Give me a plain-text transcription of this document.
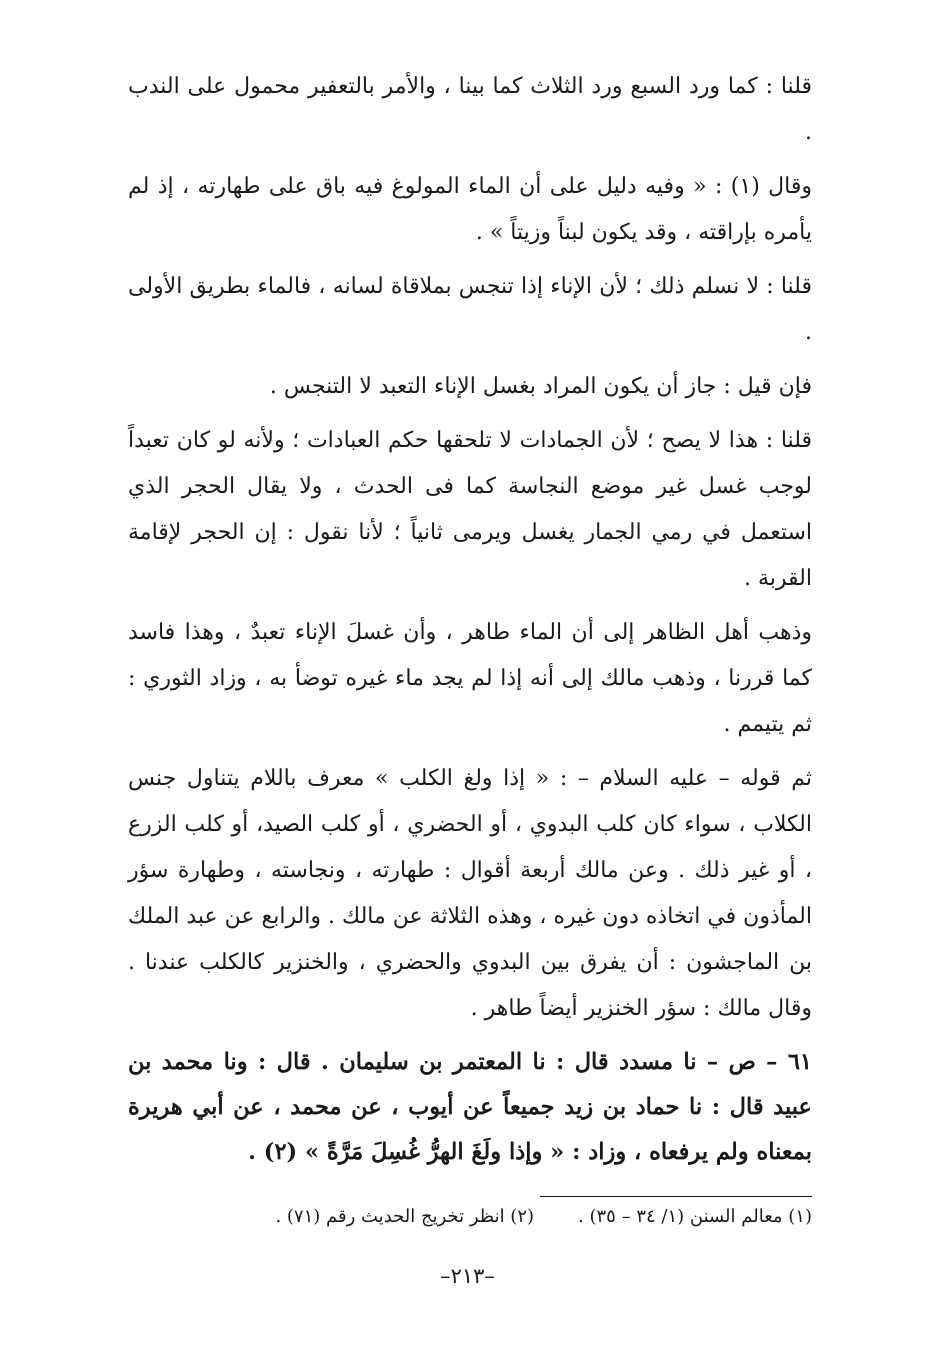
قلنا : كما ورد السبع ورد الثلاث كما بينا ، والأمر بالتعفير محمول على الندب .

وقال (١) : « وفيه دليل على أن الماء المولوغ فيه باق على طهارته ، إذ لم يأمره بإراقته ، وقد يكون لبناً وزيتاً » .

قلنا : لا نسلم ذلك ؛ لأن الإناء إذا تنجس بملاقاة لسانه ، فالماء بطريق الأولى .

فإن قيل : جاز أن يكون المراد بغسل الإناء التعبد لا التنجس .

قلنا : هذا لا يصح ؛ لأن الجمادات لا تلحقها حكم العبادات ؛ ولأنه لو كان تعبداً لوجب غسل غير موضع النجاسة كما فى الحدث ، ولا يقال الحجر الذي استعمل في رمي الجمار يغسل ويرمى ثانياً ؛ لأنا نقول : إن الحجر لإقامة القربة .

وذهب أهل الظاهر إلى أن الماء طاهر ، وأن غسلَ الإناء تعبدٌ ، وهذا فاسد كما قررنا ، وذهب مالك إلى أنه إذا لم يجد ماء غيره توضأ به ، وزاد الثوري : ثم يتيمم .

ثم قوله – عليه السلام – : « إذا ولغ الكلب » معرف باللام يتناول جنس الكلاب ، سواء كان كلب البدوي ، أو الحضري ، أو كلب الصيد، أو كلب الزرع ، أو غير ذلك . وعن مالك أربعة أقوال : طهارته ، ونجاسته ، وطهارة سؤر المأذون في اتخاذه دون غيره ، وهذه الثلاثة عن مالك . والرابع عن عبد الملك بن الماجشون : أن يفرق بين البدوي والحضري ، والخنزير كالكلب عندنا . وقال مالك : سؤر الخنزير أيضاً طاهر .

٦١ – ص – نا مسدد قال : نا المعتمر بن سليمان . قال : ونا محمد بن عبيد قال : نا حماد بن زيد جميعاً عن أيوب ، عن محمد ، عن أبي هريرة بمعناه ولم يرفعاه ، وزاد : « وإذا ولَغَ الهرُّ غُسِلَ مَرَّةً » (٢) .

(١) معالم السنن (١/ ٣٤ – ٣٥) .
(٢) انظر تخريج الحديث رقم (٧١) .
–٢١٣–
